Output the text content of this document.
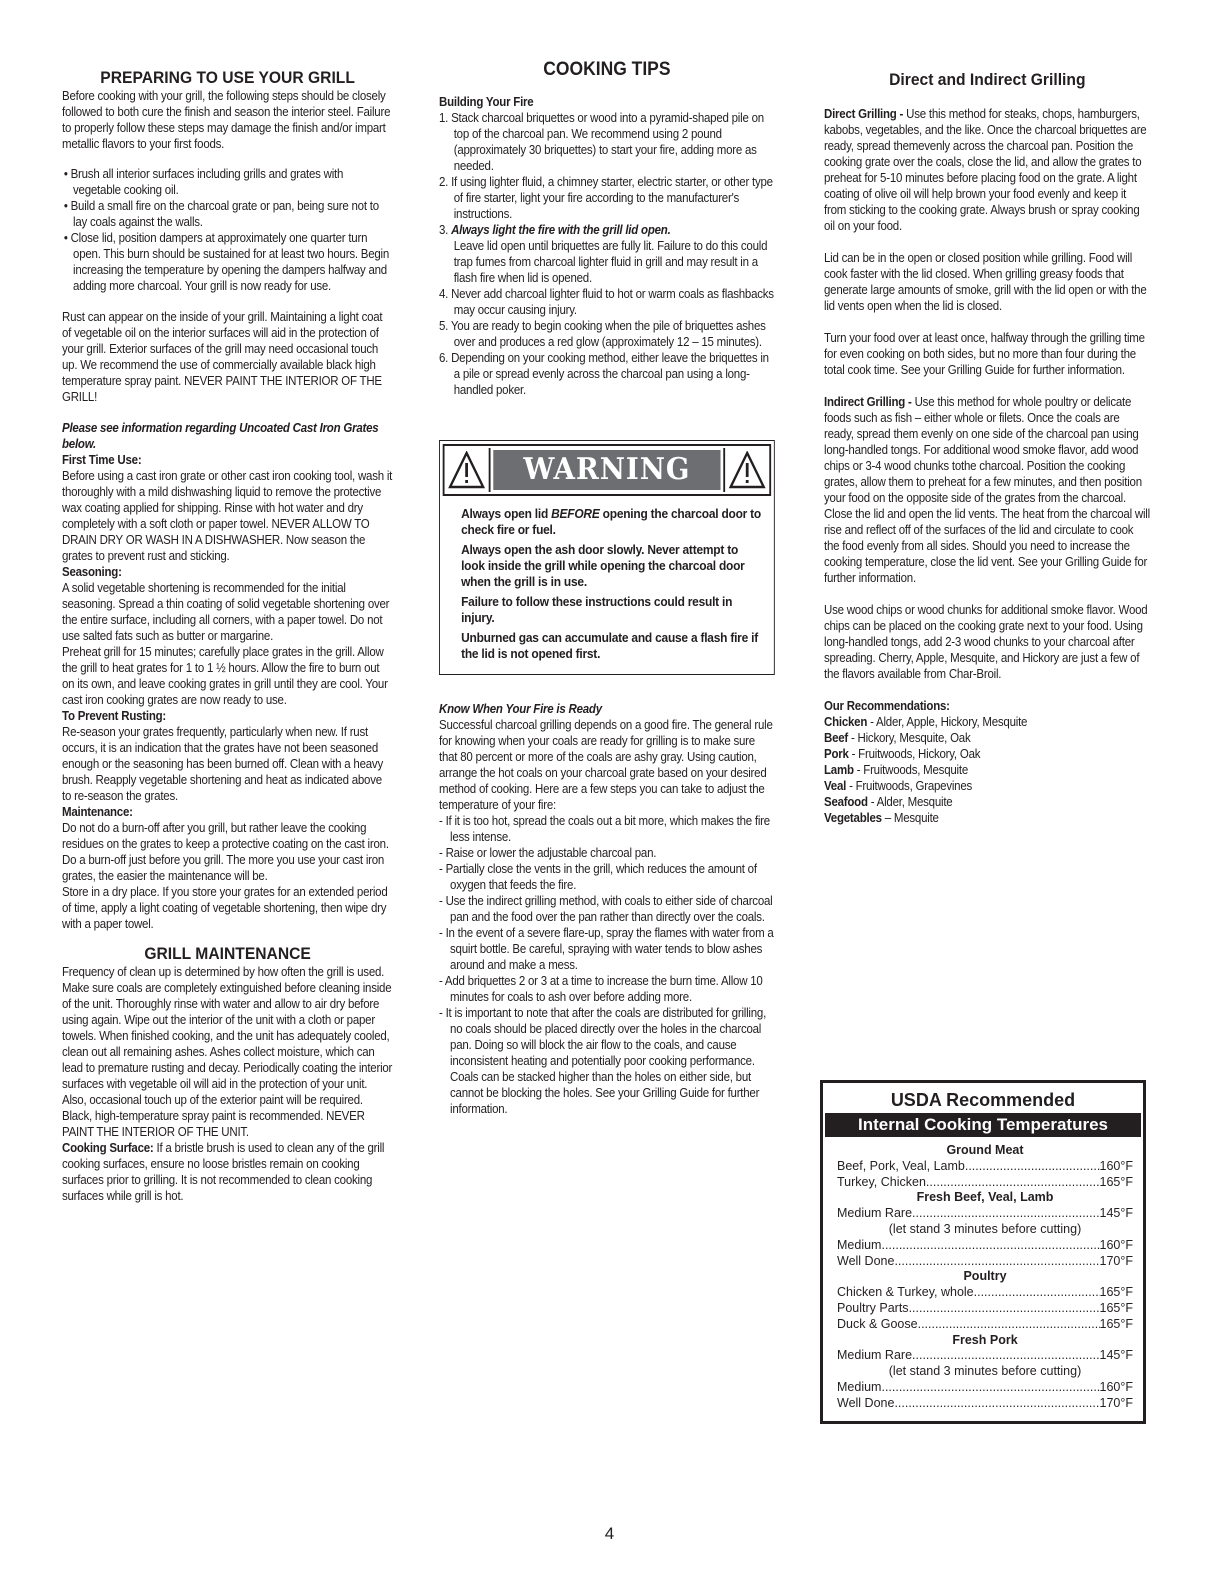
PREPARING TO USE YOUR GRILL

Before cooking with your grill, the following steps should be closely followed to both cure the finish and season the interior steel. Failure to properly follow these steps may damage the finish and/or impart metallic flavors to your first foods.

• Brush all interior surfaces including grills and grates with vegetable cooking oil.
• Build a small fire on the charcoal grate or pan, being sure not to lay coals against the walls.
• Close lid, position dampers at approximately one quarter turn open. This burn should be sustained for at least two hours. Begin increasing the temperature by opening the dampers halfway and adding more charcoal. Your grill is now ready for use.

Rust can appear on the inside of your grill. Maintaining a light coat of vegetable oil on the interior surfaces will aid in the protection of your grill. Exterior surfaces of the grill may need occasional touch up. We recommend the use of commercially available black high temperature spray paint. NEVER PAINT THE INTERIOR OF THE GRILL!

Please see information regarding Uncoated Cast Iron Grates below.

First Time Use:

Before using a cast iron grate or other cast iron cooking tool, wash it thoroughly with a mild dishwashing liquid to remove the protective wax coating applied for shipping. Rinse with hot water and dry completely with a soft cloth or paper towel. NEVER ALLOW TO DRAIN DRY OR WASH IN A DISHWASHER. Now season the grates to prevent rust and sticking.

Seasoning:

A solid vegetable shortening is recommended for the initial seasoning. Spread a thin coating of solid vegetable shortening over the entire surface, including all corners, with a paper towel. Do not use salted fats such as butter or margarine.

Preheat grill for 15 minutes; carefully place grates in the grill. Allow the grill to heat grates for 1 to 1 ½ hours. Allow the fire to burn out on its own, and leave cooking grates in grill until they are cool. Your cast iron cooking grates are now ready to use.

To Prevent Rusting:

Re-season your grates frequently, particularly when new. If rust occurs, it is an indication that the grates have not been seasoned enough or the seasoning has been burned off. Clean with a heavy brush. Reapply vegetable shortening and heat as indicated above to re-season the grates.

Maintenance:

Do not do a burn-off after you grill, but rather leave the cooking residues on the grates to keep a protective coating on the cast iron. Do a burn-off just before you grill. The more you use your cast iron grates, the easier the maintenance will be.

Store in a dry place. If you store your grates for an extended period of time, apply a light coating of vegetable shortening, then wipe dry with a paper towel.

GRILL MAINTENANCE

Frequency of clean up is determined by how often the grill is used. Make sure coals are completely extinguished before cleaning inside of the unit. Thoroughly rinse with water and allow to air dry before using again. Wipe out the interior of the unit with a cloth or paper towels. When finished cooking, and the unit has adequately cooled, clean out all remaining ashes. Ashes collect moisture, which can lead to premature rusting and decay. Periodically coating the interior surfaces with vegetable oil will aid in the protection of your unit. Also, occasional touch up of the exterior paint will be required. Black, high-temperature spray paint is recommended. NEVER PAINT THE INTERIOR OF THE UNIT.

Cooking Surface: If a bristle brush is used to clean any of the grill cooking surfaces, ensure no loose bristles remain on cooking surfaces prior to grilling. It is not recommended to clean cooking surfaces while grill is hot.

COOKING TIPS

Building Your Fire

1. Stack charcoal briquettes or wood into a pyramid-shaped pile on top of the charcoal pan. We recommend using 2 pound (approximately 30 briquettes) to start your fire, adding more as needed.
2. If using lighter fluid, a chimney starter, electric starter, or other type of fire starter, light your fire according to the manufacturer's instructions.
3. Always light the fire with the grill lid open.
Leave lid open until briquettes are fully lit. Failure to do this could trap fumes from charcoal lighter fluid in grill and may result in a flash fire when lid is opened.
4. Never add charcoal lighter fluid to hot or warm coals as flashbacks may occur causing injury.
5. You are ready to begin cooking when the pile of briquettes ashes over and produces a red glow (approximately 12 – 15 minutes).
6. Depending on your cooking method, either leave the briquettes in a pile or spread evenly across the charcoal pan using a long-handled poker.
WARNING

Always open lid BEFORE opening the charcoal door to check fire or fuel.

Always open the ash door slowly. Never attempt to look inside the grill while opening the charcoal door when the grill is in use.

Failure to follow these instructions could result in injury.

Unburned gas can accumulate and cause a flash fire if the lid is not opened first.

Know When Your Fire is Ready

Successful charcoal grilling depends on a good fire. The general rule for knowing when your coals are ready for grilling is to make sure that 80 percent or more of the coals are ashy gray. Using caution, arrange the hot coals on your charcoal grate based on your desired method of cooking. Here are a few steps you can take to adjust the temperature of your fire:

- If it is too hot, spread the coals out a bit more, which makes the fire less intense.
- Raise or lower the adjustable charcoal pan.
- Partially close the vents in the grill, which reduces the amount of oxygen that feeds the fire.
- Use the indirect grilling method, with coals to either side of charcoal pan and the food over the pan rather than directly over the coals.
- In the event of a severe flare-up, spray the flames with water from a squirt bottle. Be careful, spraying with water tends to blow ashes around and make a mess.
- Add briquettes 2 or 3 at a time to increase the burn time. Allow 10 minutes for coals to ash over before adding more.
- It is important to note that after the coals are distributed for grilling, no coals should be placed directly over the holes in the charcoal pan. Doing so will block the air flow to the coals, and cause inconsistent heating and potentially poor cooking performance. Coals can be stacked higher than the holes on either side, but cannot be blocking the holes. See your Grilling Guide for further information.
Direct and Indirect Grilling

Direct Grilling - Use this method for steaks, chops, hamburgers, kabobs, vegetables, and the like. Once the charcoal briquettes are ready, spread themevenly across the charcoal pan. Position the cooking grate over the coals, close the lid, and allow the grates to preheat for 5-10 minutes before placing food on the grate. A light coating of olive oil will help brown your food evenly and keep it from sticking to the cooking grate. Always brush or spray cooking oil on your food.

Lid can be in the open or closed position while grilling. Food will cook faster with the lid closed. When grilling greasy foods that generate large amounts of smoke, grill with the lid open or with the lid vents open when the lid is closed.

Turn your food over at least once, halfway through the grilling time for even cooking on both sides, but no more than four during the

total cook time. See your Grilling Guide for further information.

Indirect Grilling - Use this method for whole poultry or delicate foods such as fish – either whole or filets. Once the coals are ready, spread them evenly on one side of the charcoal pan using long-handled tongs. For additional wood smoke flavor, add wood chips or 3-4 wood chunks tothe charcoal. Position the cooking grates, allow them to preheat for a few minutes, and then position your food on the opposite side of the grates from the charcoal. Close the lid and open the lid vents. The heat from the charcoal will rise and reflect off of the surfaces of the lid and circulate to cook the food evenly from all sides. Should you need to increase the cooking temperature, close the lid vent. See your Grilling Guide for further information.

Use wood chips or wood chunks for additional smoke flavor. Wood chips can be placed on the cooking grate next to your food. Using long-handled tongs, add 2-3 wood chunks to your charcoal after spreading. Cherry, Apple, Mesquite, and Hickory are just a few of the flavors available from Char-Broil.

Our Recommendations:

Chicken - Alder, Apple, Hickory, Mesquite

Beef - Hickory, Mesquite, Oak

Pork - Fruitwoods, Hickory, Oak

Lamb - Fruitwoods, Mesquite

Veal - Fruitwoods, Grapevines

Seafood - Alder, Mesquite

Vegetables – Mesquite

USDA Recommended
Internal Cooking Temperatures
Ground Meat
Beef, Pork, Veal, Lamb .....	160°F
Turkey, Chicken .....	165°F
Fresh Beef, Veal, Lamb
Medium Rare .....	145°F
(let stand 3 minutes before cutting)
Medium .....	160°F
Well Done .....	170°F
Poultry
Chicken & Turkey, whole .....	165°F
Poultry Parts .....	165°F
Duck & Goose .....	165°F
Fresh Pork
Medium Rare .....	145°F
(let stand 3 minutes before cutting)
Medium .....	160°F
Well Done .....	170°F
4
